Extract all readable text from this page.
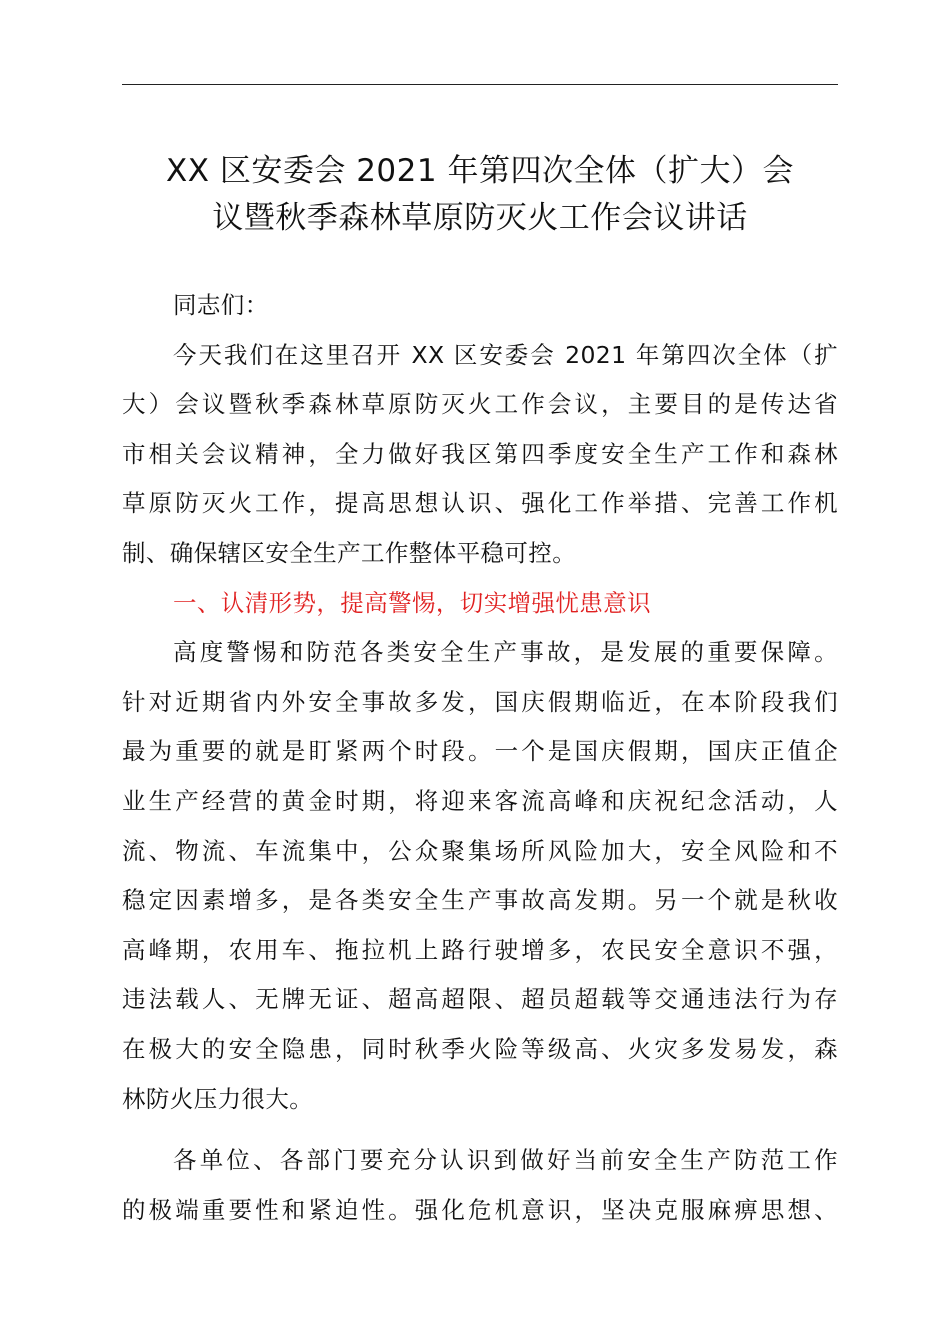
XX 区安委会 2021 年第四次全体（扩大）会
议暨秋季森林草原防灭火工作会议讲话

同志们：

今天我们在这里召开 XX 区安委会 2021 年第四次全体（扩
大）会议暨秋季森林草原防灭火工作会议，主要目的是传达省
市相关会议精神，全力做好我区第四季度安全生产工作和森林
草原防灭火工作，提高思想认识、强化工作举措、完善工作机
制、确保辖区安全生产工作整体平稳可控。

一、认清形势，提高警惕，切实增强忧患意识

高度警惕和防范各类安全生产事故，是发展的重要保障。
针对近期省内外安全事故多发，国庆假期临近，在本阶段我们
最为重要的就是盯紧两个时段。一个是国庆假期，国庆正值企
业生产经营的黄金时期，将迎来客流高峰和庆祝纪念活动，人
流、物流、车流集中，公众聚集场所风险加大，安全风险和不
稳定因素增多，是各类安全生产事故高发期。另一个就是秋收
高峰期，农用车、拖拉机上路行驶增多，农民安全意识不强，
违法载人、无牌无证、超高超限、超员超载等交通违法行为存
在极大的安全隐患，同时秋季火险等级高、火灾多发易发，森
林防火压力很大。

各单位、各部门要充分认识到做好当前安全生产防范工作
的极端重要性和紧迫性。强化危机意识，坚决克服麻痹思想、
